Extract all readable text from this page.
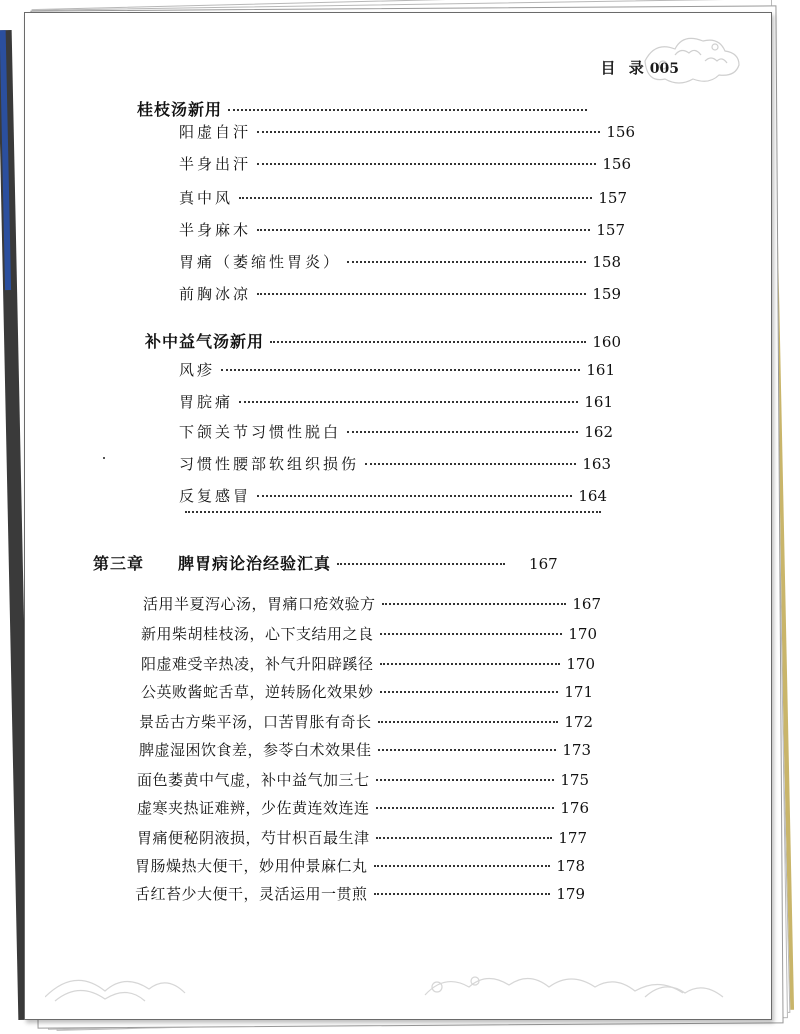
目 录 005
桂枝汤新用
阳虚自汗	156
半身出汗	156
真中风	157
半身麻木	157
胃痛（萎缩性胃炎）	158
前胸冰凉	159
补中益气汤新用	160
风疹	161
胃脘痛	161
下颌关节习惯性脱白	162
习惯性腰部软组织损伤	163
反复感冒	164
第三章 脾胃病论治经验汇真	167
活用半夏泻心汤，胃痛口疮效验方	167
新用柴胡桂枝汤，心下支结用之良	170
阳虚难受辛热凌，补气升阳辟蹊径	170
公英败酱蛇舌草，逆转肠化效果妙	171
景岳古方柴平汤，口苦胃胀有奇长	172
脾虚湿困饮食差，参苓白术效果佳	173
面色萎黄中气虚，补中益气加三七	175
虚寒夹热证难辨，少佐黄连效连连	176
胃痛便秘阴液损，芍甘枳百最生津	177
胃肠燥热大便干，妙用仲景麻仁丸	178
舌红苔少大便干，灵活运用一贯煎	179
